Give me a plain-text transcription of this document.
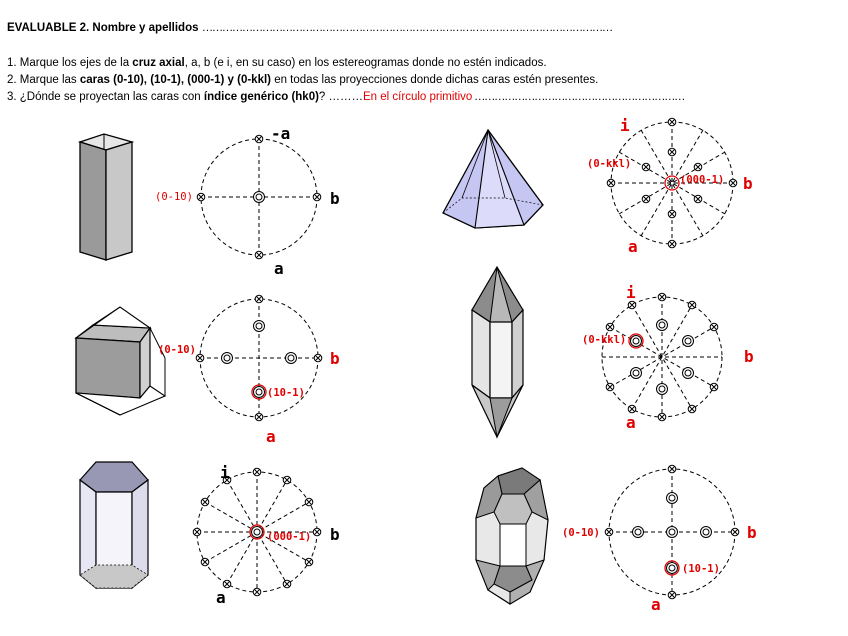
EVALUABLE 2. Nombre y apellidos ……………………………………………………………………………………………………………
1. Marque los ejes de la cruz axial, a, b (e i, en su caso) en los estereogramas donde no estén indicados.
2. Marque las caras (0-10), (10-1), (000-1) y (0-kkl) en todas las proyecciones donde dichas caras estén presentes.
3. ¿Dónde se proyectan las caras con índice genérico (hk0)? ………En el círculo primitivo ………………………………………………………
-a
b
a
(0-10)
i
b
a
(0-kkl)
(000-1)
b
a
(0-10)
(10-1)
i
b
a
(0-kkl)
i
b
a
(000-1)	b
a
(0-10)
(10-1)
